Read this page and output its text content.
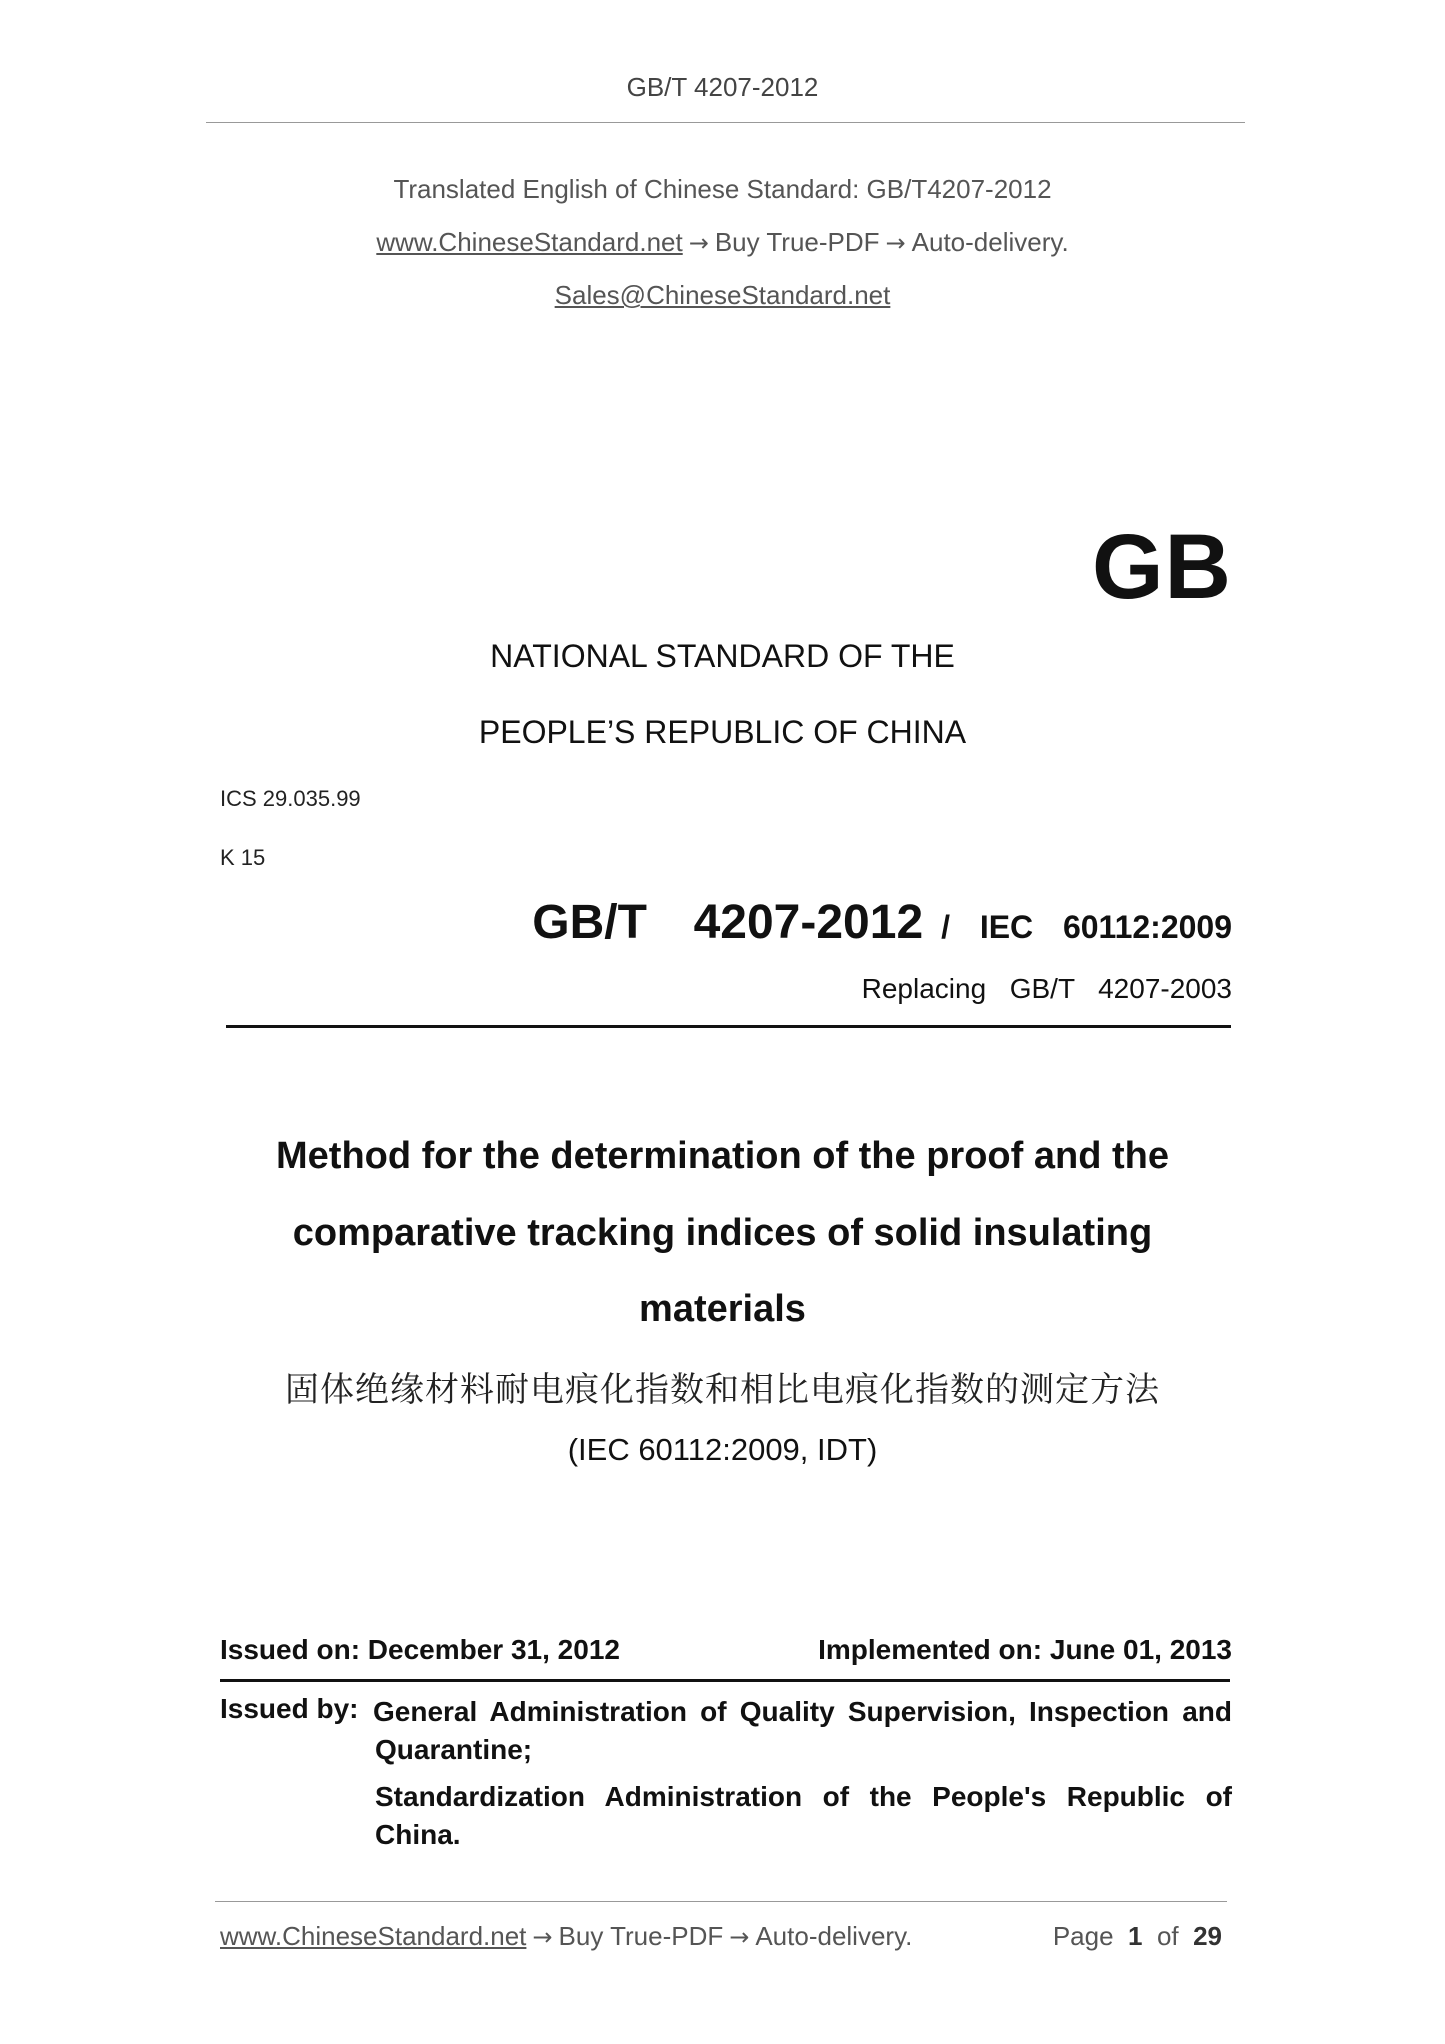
GB/T 4207-2012
Translated English of Chinese Standard: GB/T4207-2012
www.ChineseStandard.net → Buy True-PDF → Auto-delivery.
Sales@ChineseStandard.net
GB
NATIONAL STANDARD OF THE
PEOPLE’S REPUBLIC OF CHINA
ICS 29.035.99
K 15
GB/T  4207-2012 /  IEC  60112:2009
Replacing  GB/T  4207-2003
Method for the determination of the proof and the
comparative tracking indices of solid insulating
materials
固体绝缘材料耐电痕化指数和相比电痕化指数的测定方法
(IEC 60112:2009, IDT)
Issued on: December 31, 2012	Implemented on: June 01, 2013
Issued by: General Administration of Quality Supervision, Inspection and Quarantine;
Standardization Administration of the People's Republic of China.
www.ChineseStandard.net → Buy True-PDF → Auto-delivery.	Page 1 of 29
